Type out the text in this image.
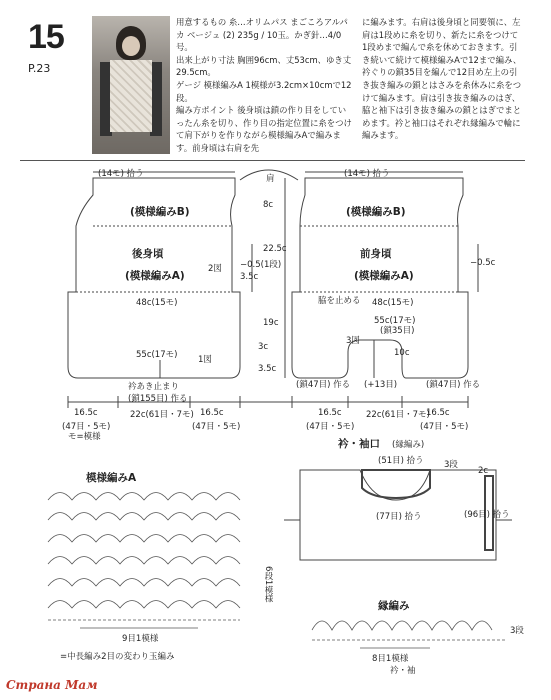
15
P.23
用意するもの 糸…オリムパス まごころアルパカ ベージュ (2) 235g / 10玉。かぎ針…4/0号。
出来上がり寸法 胸囲96cm、丈53cm、ゆき丈29.5cm。
ゲージ 模様編みA 1模様が3.2cm×10cmで12段。
編み方ポイント 後身頃は鎖の作り目をしていったん糸を切り、作り目の指定位置に糸をつけて肩下がりを作りながら模様編みAで編みます。前身頃は右肩を先
に編みます。右肩は後身頃と同要領に、左肩は1段めに糸を切り、新たに糸をつけて1段めまで編んで糸を休めておきます。引き続いて続けて模様編みAで12まで編み、衿ぐりの鎖35目を編んで12目め左上の引き抜き編みの鎖とはさみを糸休みに糸をつけて編みます。肩は引き抜き編みのはぎ、脇と袖下は引き抜き編みの鎖とはぎでまとめます。衿と袖口はそれぞれ縁編みで輪に編みます。
(14モ) 拾う
(模様編みB)
後身頃
(模様編みA)
2図
48c(15モ)
55c(17モ) 1図
衿あき止まり
(鎖155目) 作る
−0.5(1段)
3.5c
3c
3.5c
16.5c
(47目・5モ)
22c(61目・7モ) 16.5c
(47目・5モ)
モ=模様
肩
8c
22.5c
19c
脇を止める
(14モ) 拾う
(模様編みB)
前身頃
(模様編みA)
48c(15モ)
55c(17モ)
(鎖35目)
3図
10c
(+13目)
(鎖47目) 作る	(鎖47目) 作る
−0.5c
16.5c
(47目・5モ)
22c(61目・7モ)
16.5c
(47目・5モ)
模様編みA
6段1模様
9目1模様
=中長編み2目の変わり玉編み
衿・袖口 (縁編み)
(51目) 拾う
(77目) 拾う
3段
2c
(96目) 拾う
縁編み
8目1模様
3段
衿・袖
Страна Мам
